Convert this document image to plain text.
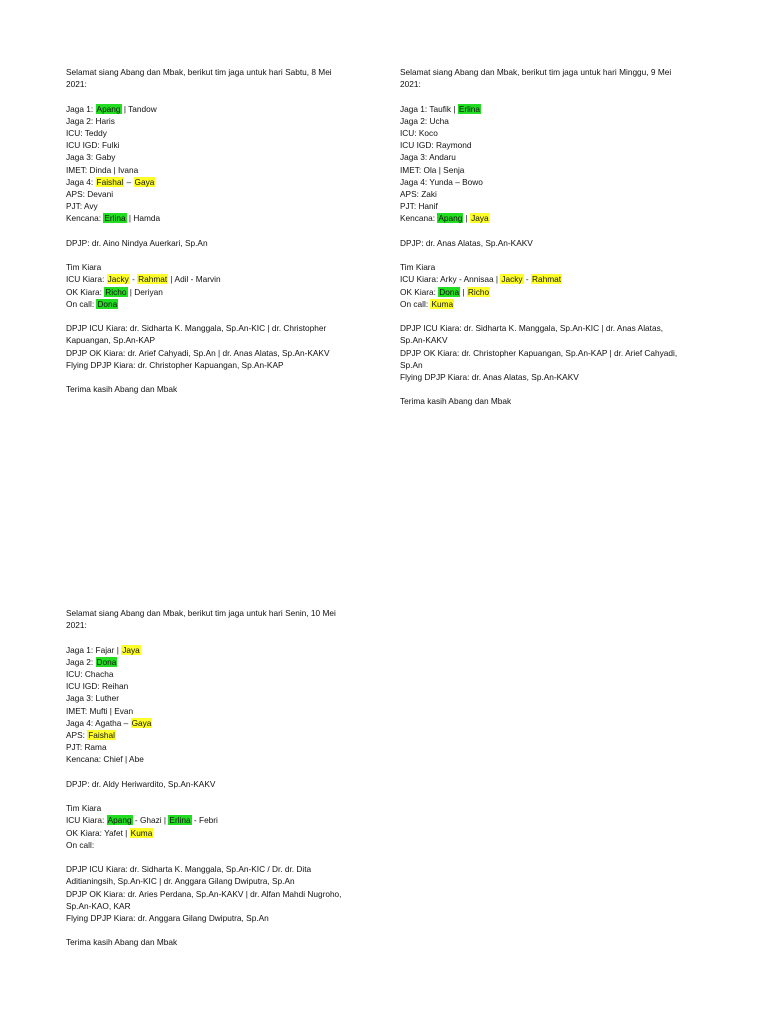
Selamat siang Abang dan Mbak, berikut tim jaga untuk hari Sabtu, 8 Mei
2021:
Jaga 1: Apang | Tandow
Jaga 2: Haris
ICU: Teddy
ICU IGD: Fulki
Jaga 3: Gaby
IMET: Dinda | Ivana
Jaga 4: Faishal – Gaya
APS: Devani
PJT: Avy
Kencana: Erlina | Hamda
DPJP: dr. Aino Nindya Auerkari, Sp.An
Tim Kiara
ICU Kiara: Jacky - Rahmat | Adil - Marvin
OK Kiara: Richo | Deriyan
On call: Dona
DPJP ICU Kiara: dr. Sidharta K. Manggala, Sp.An-KIC | dr. Christopher
Kapuangan, Sp.An-KAP
DPJP OK Kiara: dr. Arief Cahyadi, Sp.An | dr. Anas Alatas, Sp.An-KAKV
Flying DPJP Kiara: dr. Christopher Kapuangan, Sp.An-KAP
Terima kasih Abang dan Mbak
Selamat siang Abang dan Mbak, berikut tim jaga untuk hari Minggu, 9 Mei
2021:
Jaga 1: Taufik | Erlina
Jaga 2: Ucha
ICU: Koco
ICU IGD: Raymond
Jaga 3: Andaru
IMET: Ola | Senja
Jaga 4: Yunda – Bowo
APS: Zaki
PJT: Hanif
Kencana: Apang | Jaya
DPJP: dr. Anas Alatas, Sp.An-KAKV
Tim Kiara
ICU Kiara: Arky - Annisaa | Jacky - Rahmat
OK Kiara: Dona | Richo
On call: Kuma
DPJP ICU Kiara: dr. Sidharta K. Manggala, Sp.An-KIC | dr. Anas Alatas,
Sp.An-KAKV
DPJP OK Kiara: dr. Christopher Kapuangan, Sp.An-KAP | dr. Arief Cahyadi,
Sp.An
Flying DPJP Kiara: dr. Anas Alatas, Sp.An-KAKV
Terima kasih Abang dan Mbak
Selamat siang Abang dan Mbak, berikut tim jaga untuk hari Senin, 10 Mei
2021:
Jaga 1: Fajar | Jaya
Jaga 2: Dona
ICU: Chacha
ICU IGD: Reihan
Jaga 3: Luther
IMET: Mufti | Evan
Jaga 4: Agatha – Gaya
APS: Faishal
PJT: Rama
Kencana: Chief | Abe
DPJP: dr. Aldy Heriwardito, Sp.An-KAKV
Tim Kiara
ICU Kiara: Apang - Ghazi | Erlina - Febri
OK Kiara: Yafet | Kuma
On call:
DPJP ICU Kiara: dr. Sidharta K. Manggala, Sp.An-KIC / Dr. dr. Dita
Aditianingsih, Sp.An-KIC | dr. Anggara Gilang Dwiputra, Sp.An
DPJP OK Kiara: dr. Aries Perdana, Sp.An-KAKV | dr. Alfan Mahdi Nugroho,
Sp.An-KAO, KAR
Flying DPJP Kiara: dr. Anggara Gilang Dwiputra, Sp.An
Terima kasih Abang dan Mbak
